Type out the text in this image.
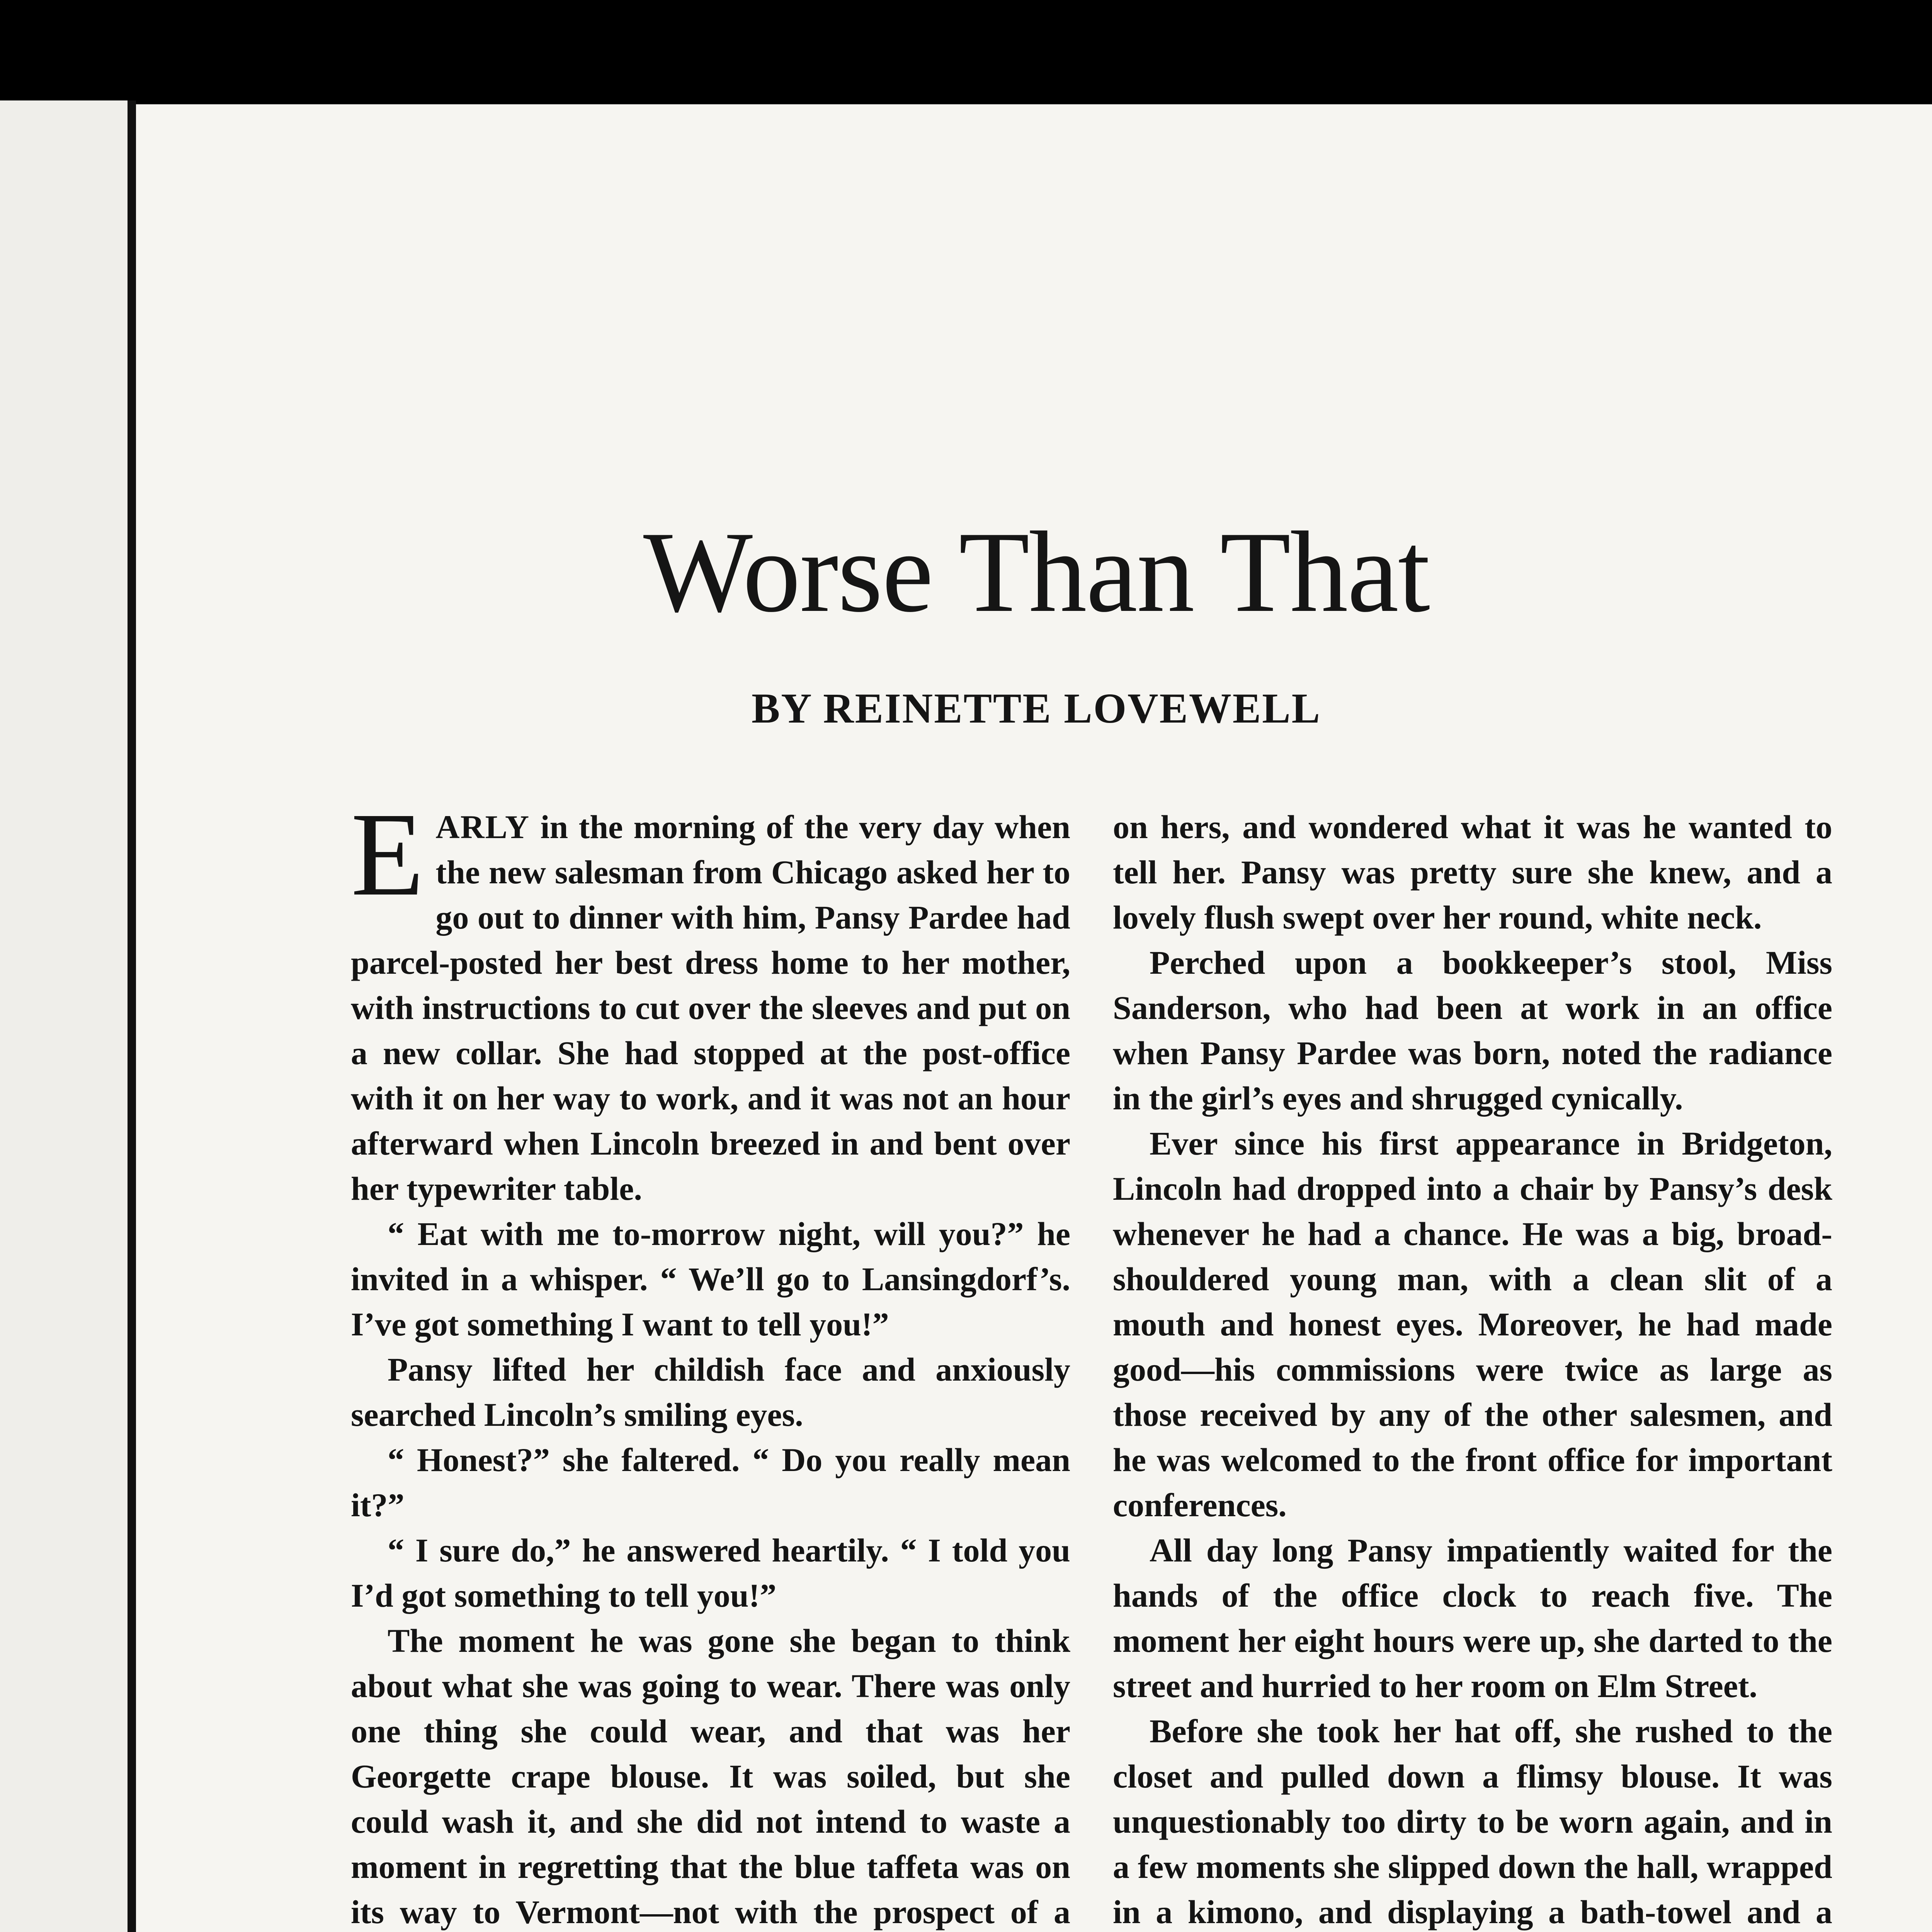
Worse Than That
BY REINETTE LOVEWELL

EARLY in the morning of the very day when the new salesman from Chicago asked her to go out to dinner with him, Pansy Pardee had parcel-posted her best dress home to her mother, with instructions to cut over the sleeves and put on a new collar. She had stopped at the post-office with it on her way to work, and it was not an hour afterward when Lincoln breezed in and bent over her typewriter table.

“ Eat with me to-morrow night, will you?” he invited in a whisper. “ We’ll go to Lansingdorf’s. I’ve got something I want to tell you!”

Pansy lifted her childish face and anxiously searched Lincoln’s smiling eyes.

“ Honest?” she faltered. “ Do you really mean it?”

“ I sure do,” he answered heartily. “ I told you I’d got something to tell you!”

The moment he was gone she began to think about what she was going to wear. There was only one thing she could wear, and that was her Georgette crape blouse. It was soiled, but she could wash it, and she did not intend to waste a moment in regretting that the blue taffeta was on its way to Vermont—not with the prospect of a

on hers, and wondered what it was he wanted to tell her. Pansy was pretty sure she knew, and a lovely flush swept over her round, white neck.

Perched upon a bookkeeper’s stool, Miss Sanderson, who had been at work in an office when Pansy Pardee was born, noted the radiance in the girl’s eyes and shrugged cynically.

Ever since his first appearance in Bridgeton, Lincoln had dropped into a chair by Pansy’s desk whenever he had a chance. He was a big, broad-shouldered young man, with a clean slit of a mouth and honest eyes. Moreover, he had made good—his commissions were twice as large as those received by any of the other salesmen, and he was welcomed to the front office for important conferences.

All day long Pansy impatiently waited for the hands of the office clock to reach five. The moment her eight hours were up, she darted to the street and hurried to her room on Elm Street.

Before she took her hat off, she rushed to the closet and pulled down a flimsy blouse. It was unquestionably too dirty to be worn again, and in a few moments she slipped down the hall, wrapped in a kimono, and displaying a bath-towel and a
